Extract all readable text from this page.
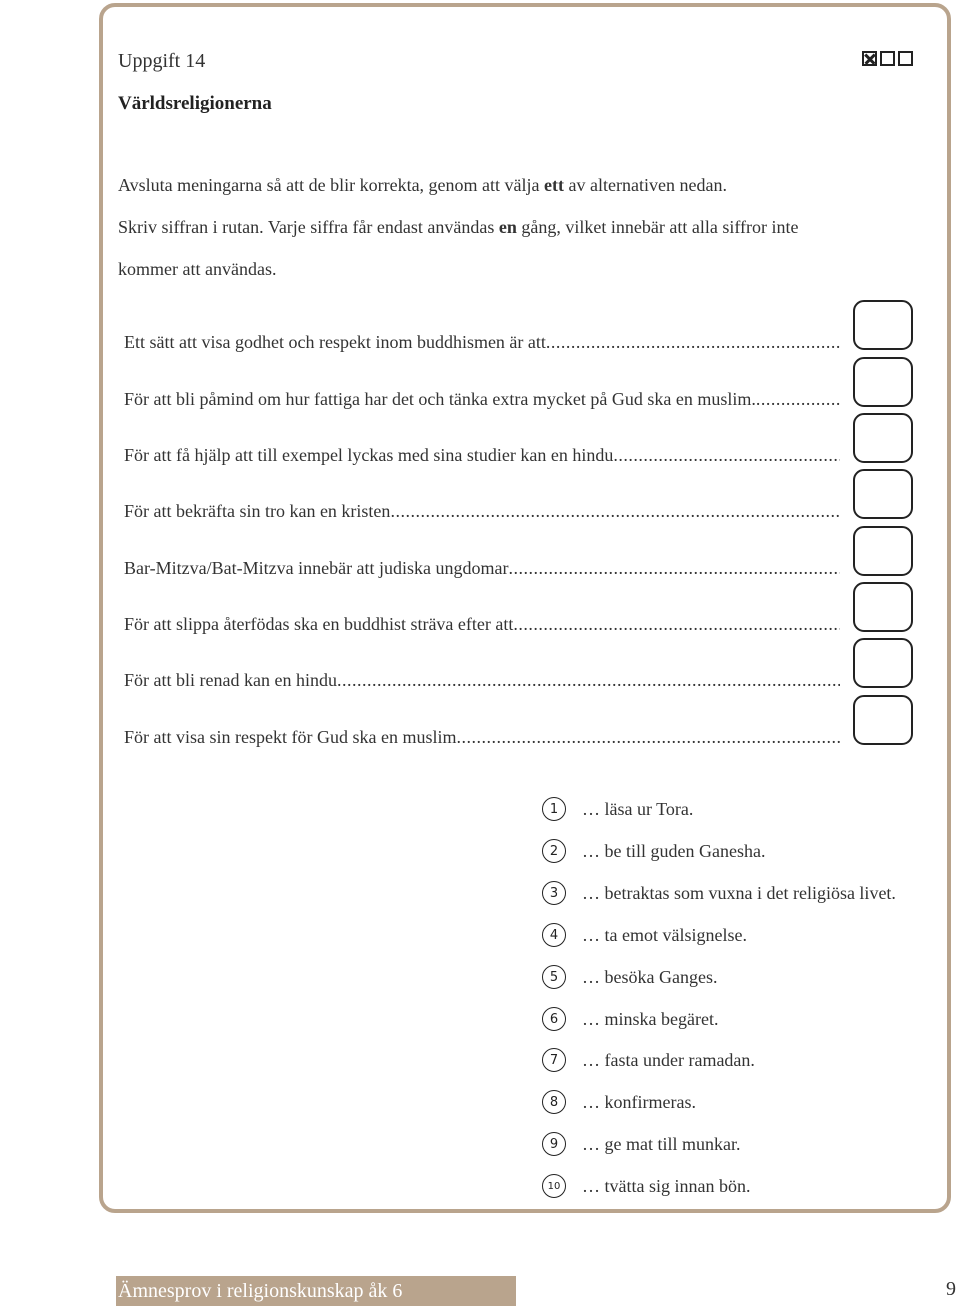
Uppgift 14
Världsreligionerna
Avsluta meningarna så att de blir korrekta, genom att välja ett av alternativen nedan.
Skriv siffran i rutan. Varje siffra får endast användas en gång, vilket innebär att alla siffror inte
kommer att användas.
Ett sätt att visa godhet och respekt inom buddhismen är att
.....
För att bli påmind om hur fattiga har det och tänka extra mycket på Gud ska en muslim.
.....
För att få hjälp att till exempel lyckas med sina studier kan en hindu
.....
För att bekräfta sin tro kan en kristen
.....
Bar-Mitzva/Bat-Mitzva innebär att judiska ungdomar
.....
För att slippa återfödas ska en buddhist sträva efter att
.....
För att bli renad kan en hindu
.....
För att visa sin respekt för Gud ska en muslim
.....
1	… läsa ur Tora.
2	… be till guden Ganesha.
3	… betraktas som vuxna i det religiösa livet.
4	… ta emot välsignelse.
5	… besöka Ganges.
6	… minska begäret.
7	… fasta under ramadan.
8	… konfirmeras.
9	… ge mat till munkar.
10	… tvätta sig innan bön.
Ämnesprov i religionskunskap åk 6	9
